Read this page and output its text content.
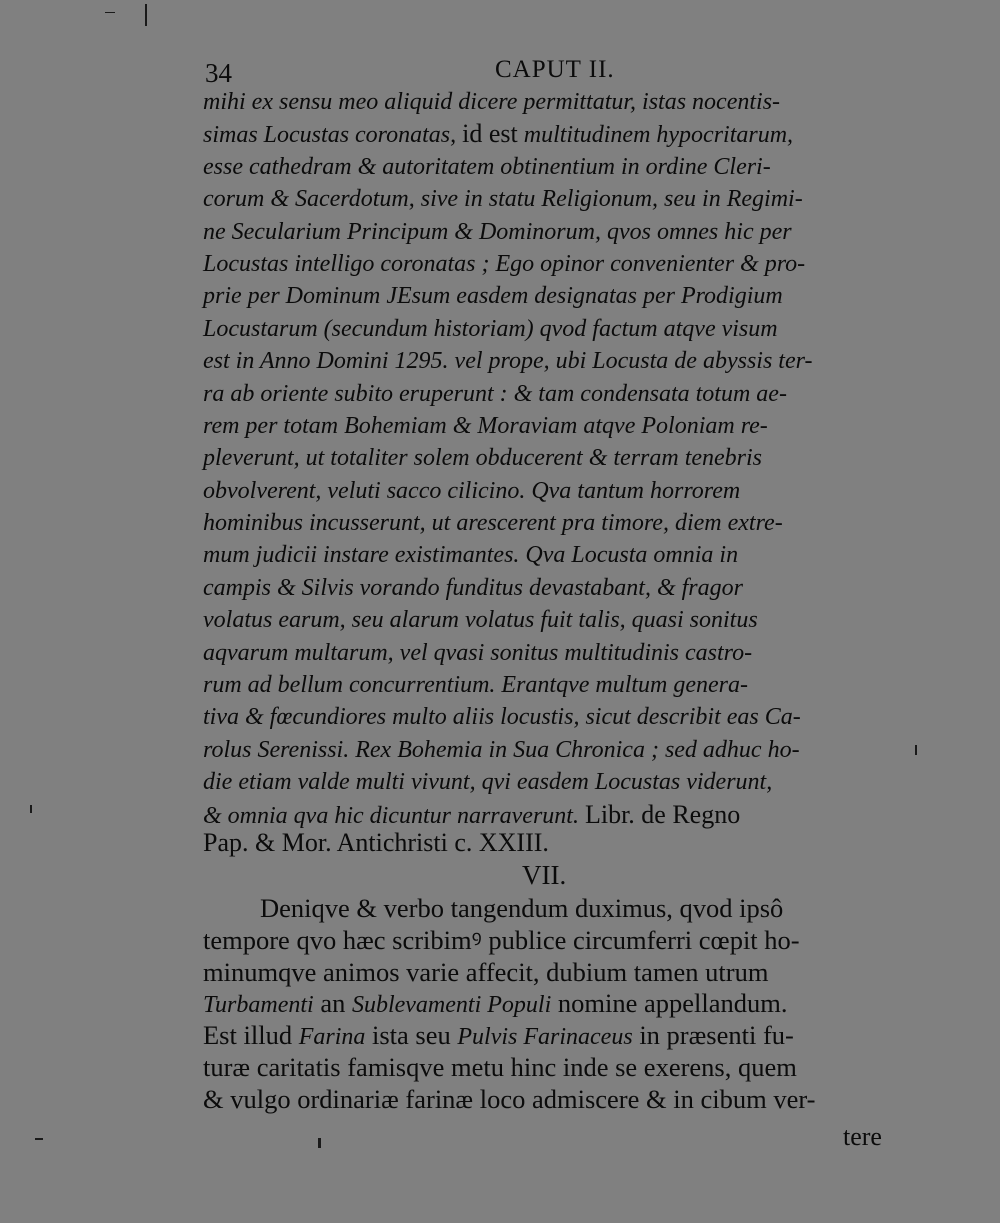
34	CAPUT II.
mihi ex sensu meo aliquid dicere permittatur, istas nocentis-
simas Locustas coronatas, id est multitudinem hypocritarum,
esse cathedram & autoritatem obtinentium in ordine Cleri-
corum & Sacerdotum, sive in statu Religionum, seu in Regimi-
ne Secularium Principum & Dominorum, qvos omnes hic per
Locustas intelligo coronatas ; Ego opinor convenienter & pro-
prie per Dominum JEsum easdem designatas per Prodigium
Locustarum (secundum historiam) qvod factum atqve visum
est in Anno Domini 1295. vel prope, ubi Locusta de abyssis ter-
ra ab oriente subito eruperunt : & tam condensata totum ae-
rem per totam Bohemiam & Moraviam atqve Poloniam re-
pleverunt, ut totaliter solem obducerent & terram tenebris
obvolverent, veluti sacco cilicino. Qva tantum horrorem
hominibus incusserunt, ut arescerent pra timore, diem extre-
mum judicii instare existimantes. Qva Locusta omnia in
campis & Silvis vorando funditus devastabant, & fragor
volatus earum, seu alarum volatus fuit talis, quasi sonitus
aqvarum multarum, vel qvasi sonitus multitudinis castro-
rum ad bellum concurrentium. Erantqve multum genera-
tiva & fœcundiores multo aliis locustis, sicut describit eas Ca-
rolus Serenissi. Rex Bohemia in Sua Chronica ; sed adhuc ho-
die etiam valde multi vivunt, qvi easdem Locustas viderunt,
& omnia qva hic dicuntur narraverunt. Libr. de Regno
Pap. & Mor. Antichristi c. XXIII.
VII.
Deniqve & verbo tangendum duximus, qvod ipsô
tempore qvo hæc scribimꝰ publice circumferri cœpit ho-
minumqve animos varie affecit, dubium tamen utrum
Turbamenti an Sublevamenti Populi nomine appellandum.
Est illud Farina ista seu Pulvis Farinaceus in præsenti fu-
turæ caritatis famisqve metu hinc inde se exerens, quem
& vulgo ordinariæ farinæ loco admiscere & in cibum ver-
tere
